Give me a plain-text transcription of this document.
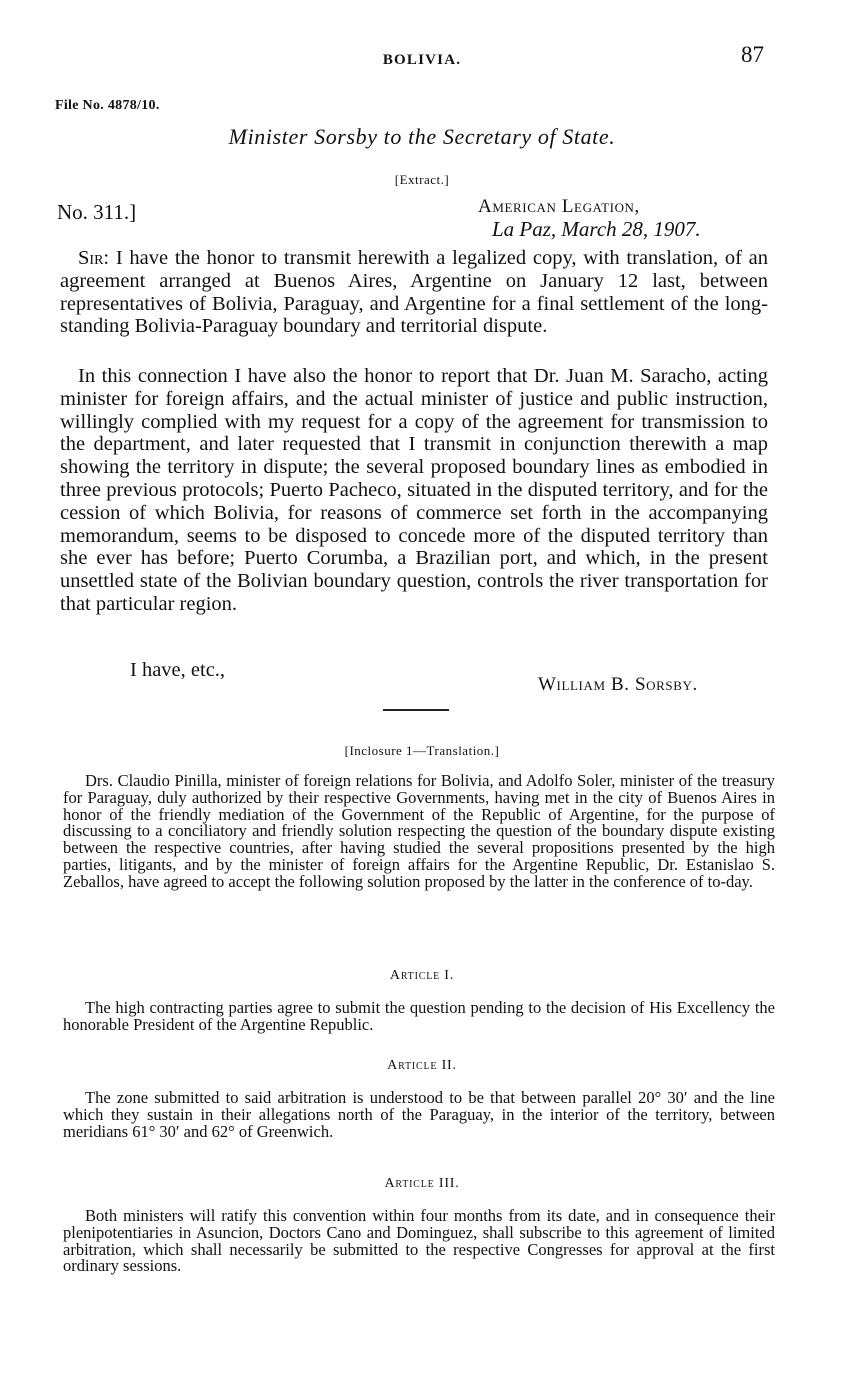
BOLIVIA.	87
File No. 4878/10.
Minister Sorsby to the Secretary of State.
[Extract.]
No. 311.]	American Legation,
La Paz, March 28, 1907.

Sir: I have the honor to transmit herewith a legalized copy, with translation, of an agreement arranged at Buenos Aires, Argentine on January 12 last, between representatives of Bolivia, Paraguay, and Argentine for a final settlement of the long-standing Bolivia-Paraguay boundary and territorial dispute.

In this connection I have also the honor to report that Dr. Juan M. Saracho, acting minister for foreign affairs, and the actual minister of justice and public instruction, willingly complied with my request for a copy of the agreement for transmission to the department, and later requested that I transmit in conjunction therewith a map showing the territory in dispute; the several proposed boundary lines as embodied in three previous protocols; Puerto Pacheco, situated in the disputed territory, and for the cession of which Bolivia, for reasons of commerce set forth in the accompanying memorandum, seems to be disposed to concede more of the disputed territory than she ever has before; Puerto Corumba, a Brazilian port, and which, in the present unsettled state of the Bolivian boundary question, controls the river transportation for that particular region.

I have, etc.,
William B. Sorsby.
[Inclosure 1—Translation.]

Drs. Claudio Pinilla, minister of foreign relations for Bolivia, and Adolfo Soler, minister of the treasury for Paraguay, duly authorized by their respective Governments, having met in the city of Buenos Aires in honor of the friendly mediation of the Government of the Republic of Argentine, for the purpose of discussing to a conciliatory and friendly solution respecting the question of the boundary dispute existing between the respective countries, after having studied the several propositions presented by the high parties, litigants, and by the minister of foreign affairs for the Argentine Republic, Dr. Estanislao S. Zeballos, have agreed to accept the following solution proposed by the latter in the conference of to-day.

Article I.

The high contracting parties agree to submit the question pending to the decision of His Excellency the honorable President of the Argentine Republic.

Article II.

The zone submitted to said arbitration is understood to be that between parallel 20° 30′ and the line which they sustain in their allegations north of the Paraguay, in the interior of the territory, between meridians 61° 30′ and 62° of Greenwich.

Article III.

Both ministers will ratify this convention within four months from its date, and in consequence their plenipotentiaries in Asuncion, Doctors Cano and Dominguez, shall subscribe to this agreement of limited arbitration, which shall necessarily be submitted to the respective Congresses for approval at the first ordinary sessions.
